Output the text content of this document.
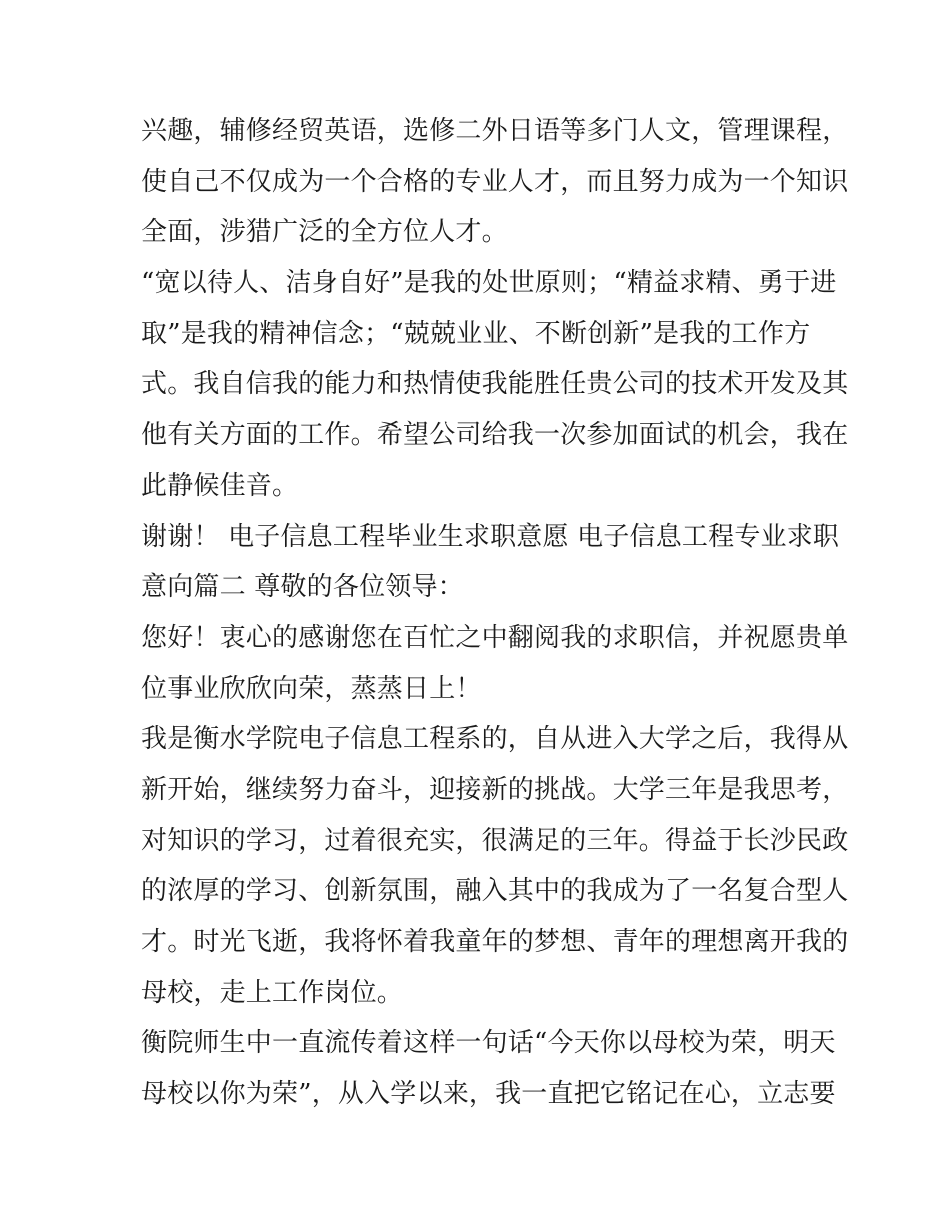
兴趣，辅修经贸英语，选修二外日语等多门人文，管理课程，
使自己不仅成为一个合格的专业人才，而且努力成为一个知识
全面，涉猎广泛的全方位人才。
“宽以待人、洁身自好”是我的处世原则；“精益求精、勇于进
取”是我的精神信念；“兢兢业业、不断创新”是我的工作方
式。我自信我的能力和热情使我能胜任贵公司的技术开发及其
他有关方面的工作。希望公司给我一次参加面试的机会，我在
此静候佳音。
谢谢！ 电子信息工程毕业生求职意愿 电子信息工程专业求职
意向篇二 尊敬的各位领导：
您好！衷心的感谢您在百忙之中翻阅我的求职信，并祝愿贵单
位事业欣欣向荣，蒸蒸日上！
我是衡水学院电子信息工程系的，自从进入大学之后，我得从
新开始，继续努力奋斗，迎接新的挑战。大学三年是我思考，
对知识的学习，过着很充实，很满足的三年。得益于长沙民政
的浓厚的学习、创新氛围，融入其中的我成为了一名复合型人
才。时光飞逝，我将怀着我童年的梦想、青年的理想离开我的
母校，走上工作岗位。
衡院师生中一直流传着这样一句话“今天你以母校为荣，明天
母校以你为荣”，从入学以来，我一直把它铭记在心，立志要
